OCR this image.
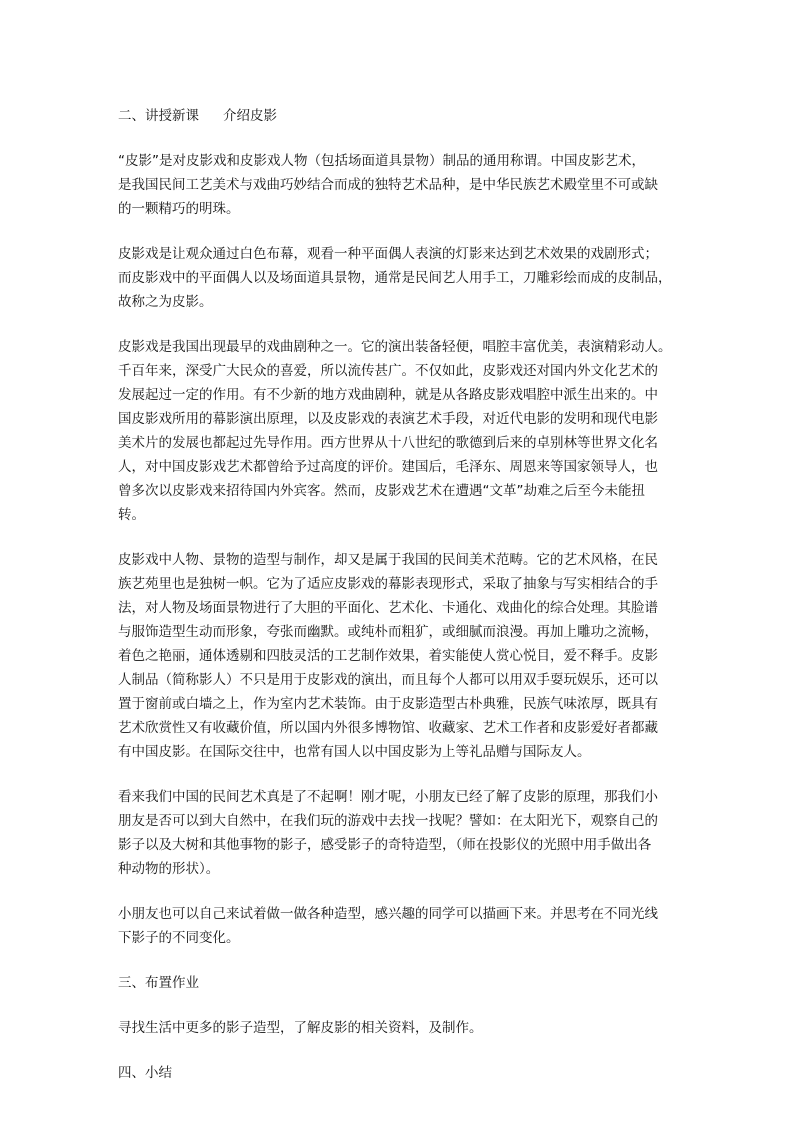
二、讲授新课 介绍皮影
“皮影”是对皮影戏和皮影戏人物（包括场面道具景物）制品的通用称谓。中国皮影艺术，
是我国民间工艺美术与戏曲巧妙结合而成的独特艺术品种，是中华民族艺术殿堂里不可或缺
的一颗精巧的明珠。
皮影戏是让观众通过白色布幕，观看一种平面偶人表演的灯影来达到艺术效果的戏剧形式；
而皮影戏中的平面偶人以及场面道具景物，通常是民间艺人用手工，刀雕彩绘而成的皮制品，
故称之为皮影。
皮影戏是我国出现最早的戏曲剧种之一。它的演出装备轻便，唱腔丰富优美，表演精彩动人。
千百年来，深受广大民众的喜爱，所以流传甚广。不仅如此，皮影戏还对国内外文化艺术的
发展起过一定的作用。有不少新的地方戏曲剧种，就是从各路皮影戏唱腔中派生出来的。中
国皮影戏所用的幕影演出原理，以及皮影戏的表演艺术手段，对近代电影的发明和现代电影
美术片的发展也都起过先导作用。西方世界从十八世纪的歌德到后来的卓别林等世界文化名
人，对中国皮影戏艺术都曾给予过高度的评价。建国后，毛泽东、周恩来等国家领导人，也
曾多次以皮影戏来招待国内外宾客。然而，皮影戏艺术在遭遇“文革”劫难之后至今未能扭
转。
皮影戏中人物、景物的造型与制作，却又是属于我国的民间美术范畴。它的艺术风格，在民
族艺苑里也是独树一帜。它为了适应皮影戏的幕影表现形式，采取了抽象与写实相结合的手
法，对人物及场面景物进行了大胆的平面化、艺术化、卡通化、戏曲化的综合处理。其脸谱
与服饰造型生动而形象，夸张而幽默。或纯朴而粗犷，或细腻而浪漫。再加上雕功之流畅，
着色之艳丽，通体透剔和四肢灵活的工艺制作效果，着实能使人赏心悦目，爱不释手。皮影
人制品（简称影人）不只是用于皮影戏的演出，而且每个人都可以用双手耍玩娱乐，还可以
置于窗前或白墙之上，作为室内艺术装饰。由于皮影造型古朴典雅，民族气味浓厚，既具有
艺术欣赏性又有收藏价值，所以国内外很多博物馆、收藏家、艺术工作者和皮影爱好者都藏
有中国皮影。在国际交往中，也常有国人以中国皮影为上等礼品赠与国际友人。
看来我们中国的民间艺术真是了不起啊！刚才呢，小朋友已经了解了皮影的原理，那我们小
朋友是否可以到大自然中，在我们玩的游戏中去找一找呢？譬如：在太阳光下，观察自己的
影子以及大树和其他事物的影子，感受影子的奇特造型，（师在投影仪的光照中用手做出各
种动物的形状）。
小朋友也可以自己来试着做一做各种造型，感兴趣的同学可以描画下来。并思考在不同光线
下影子的不同变化。
三、布置作业
寻找生活中更多的影子造型，了解皮影的相关资料，及制作。
四、小结
